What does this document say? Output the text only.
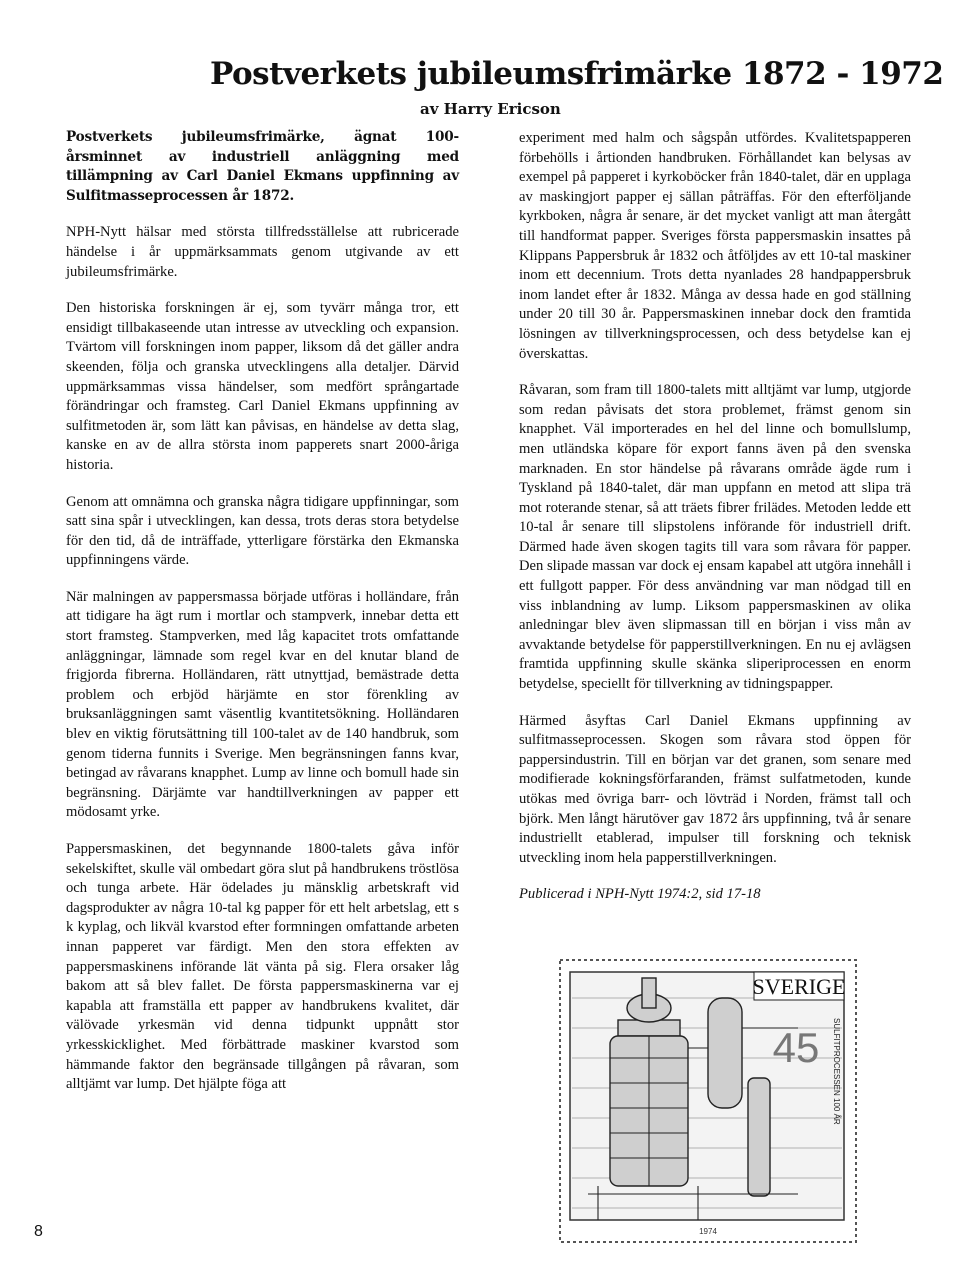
Postverkets jubileumsfrimärke 1872 - 1972
av Harry Ericson

Postverkets jubileumsfrimärke, ägnat 100-årsminnet av industriell anläggning med tillämpning av Carl Daniel Ekmans uppfinning av Sulfitmasseprocessen år 1872.

NPH-Nytt hälsar med största tillfredsställelse att rubricerade händelse i år uppmärksammats genom utgivande av ett jubileumsfrimärke.

Den historiska forskningen är ej, som tyvärr många tror, ett ensidigt tillbakaseende utan intresse av utveckling och expansion. Tvärtom vill forskningen inom papper, liksom då det gäller andra skeenden, följa och granska utvecklingens alla detaljer. Därvid uppmärksammas vissa händelser, som medfört språngartade förändringar och framsteg. Carl Daniel Ekmans uppfinning av sulfitmetoden är, som lätt kan påvisas, en händelse av detta slag, kanske en av de allra största inom papperets snart 2000-åriga historia.

Genom att omnämna och granska några tidigare uppfinningar, som satt sina spår i utvecklingen, kan dessa, trots deras stora betydelse för den tid, då de inträffade, ytterligare förstärka den Ekmanska uppfinningens värde.

När malningen av pappersmassa började utföras i holländare, från att tidigare ha ägt rum i mortlar och stampverk, innebar detta ett stort framsteg. Stampverken, med låg kapacitet trots omfattande anläggningar, lämnade som regel kvar en del knutar bland de frigjorda fibrerna. Holländaren, rätt utnyttjad, bemästrade detta problem och erbjöd härjämte en stor förenkling av bruksanläggningen samt väsentlig kvantitetsökning. Holländaren blev en viktig förutsättning till 100-talet av de 140 handbruk, som genom tiderna funnits i Sverige. Men begränsningen fanns kvar, betingad av råvarans knapphet. Lump av linne och bomull hade sin begränsning. Därjämte var handtillverkningen av papper ett mödosamt yrke.

Pappersmaskinen, det begynnande 1800-talets gåva inför sekelskiftet, skulle väl ombedart göra slut på handbrukens tröstlösa och tunga arbete. Här ödelades ju mänsklig arbetskraft vid dagsprodukter av några 10-tal kg papper för ett helt arbetslag, ett s k kyplag, och likväl kvarstod efter formningen omfattande arbeten innan papperet var färdigt. Men den stora effekten av pappersmaskinens införande lät vänta på sig. Flera orsaker låg bakom att så blev fallet. De första pappersmaskinerna var ej kapabla att framställa ett papper av handbrukens kvalitet, där välövade yrkesmän vid denna tidpunkt uppnått stor yrkesskicklighet. Med förbättrade maskiner kvarstod som hämmande faktor den begränsade tillgången på råvaran, som alltjämt var lump. Det hjälpte föga att

experiment med halm och sågspån utfördes. Kvalitetspapperen förbehölls i årtionden handbruken. Förhållandet kan belysas av exempel på papperet i kyrkoböcker från 1840-talet, där en upplaga av maskingjort papper ej sällan påträffas. För den efterföljande kyrkboken, några år senare, är det mycket vanligt att man återgått till handformat papper. Sveriges första pappersmaskin insattes på Klippans Pappersbruk år 1832 och åtföljdes av ett 10-tal maskiner inom ett decennium. Trots detta nyanlades 28 handpappersbruk inom landet efter år 1832. Många av dessa hade en god ställning under 20 till 30 år. Pappersmaskinen innebar dock den framtida lösningen av tillverkningsprocessen, och dess betydelse kan ej överskattas.

Råvaran, som fram till 1800-talets mitt alltjämt var lump, utgjorde som redan påvisats det stora problemet, främst genom sin knapphet. Väl importerades en hel del linne och bomullslump, men utländska köpare för export fanns även på den svenska marknaden. En stor händelse på råvarans område ägde rum i Tyskland på 1840-talet, där man uppfann en metod att slipa trä mot roterande stenar, så att träets fibrer frilädes. Metoden ledde ett 10-tal år senare till slipstolens införande för industriell drift. Därmed hade även skogen tagits till vara som råvara för papper. Den slipade massan var dock ej ensam kapabel att utgöra innehåll i ett fullgott papper. För dess användning var man nödgad till en viss inblandning av lump. Liksom pappersmaskinen av olika anledningar blev även slipmassan till en början i viss mån av avvaktande betydelse för papperstillverkningen. En nu ej avlägsen framtida uppfinning skulle skänka sliperiprocessen en enorm betydelse, speciellt för tillverkning av tidningspapper.

Härmed åsyftas Carl Daniel Ekmans uppfinning av sulfitmasseprocessen. Skogen som råvara stod öppen för pappersindustrin. Till en början var det granen, som senare med modifierade kokningsförfaranden, främst sulfatmetoden, kunde utökas med övriga barr- och lövträd i Norden, främst tall och björk. Men långt härutöver gav 1872 års uppfinning, två år senare industriellt etablerad, impulser till forskning och teknisk utveckling inom hela papperstillverkningen.

Publicerad i NPH-Nytt 1974:2, sid 17-18

SVERIGE
45 SULFITPROCESSEN 100 ÅR
1974
8
